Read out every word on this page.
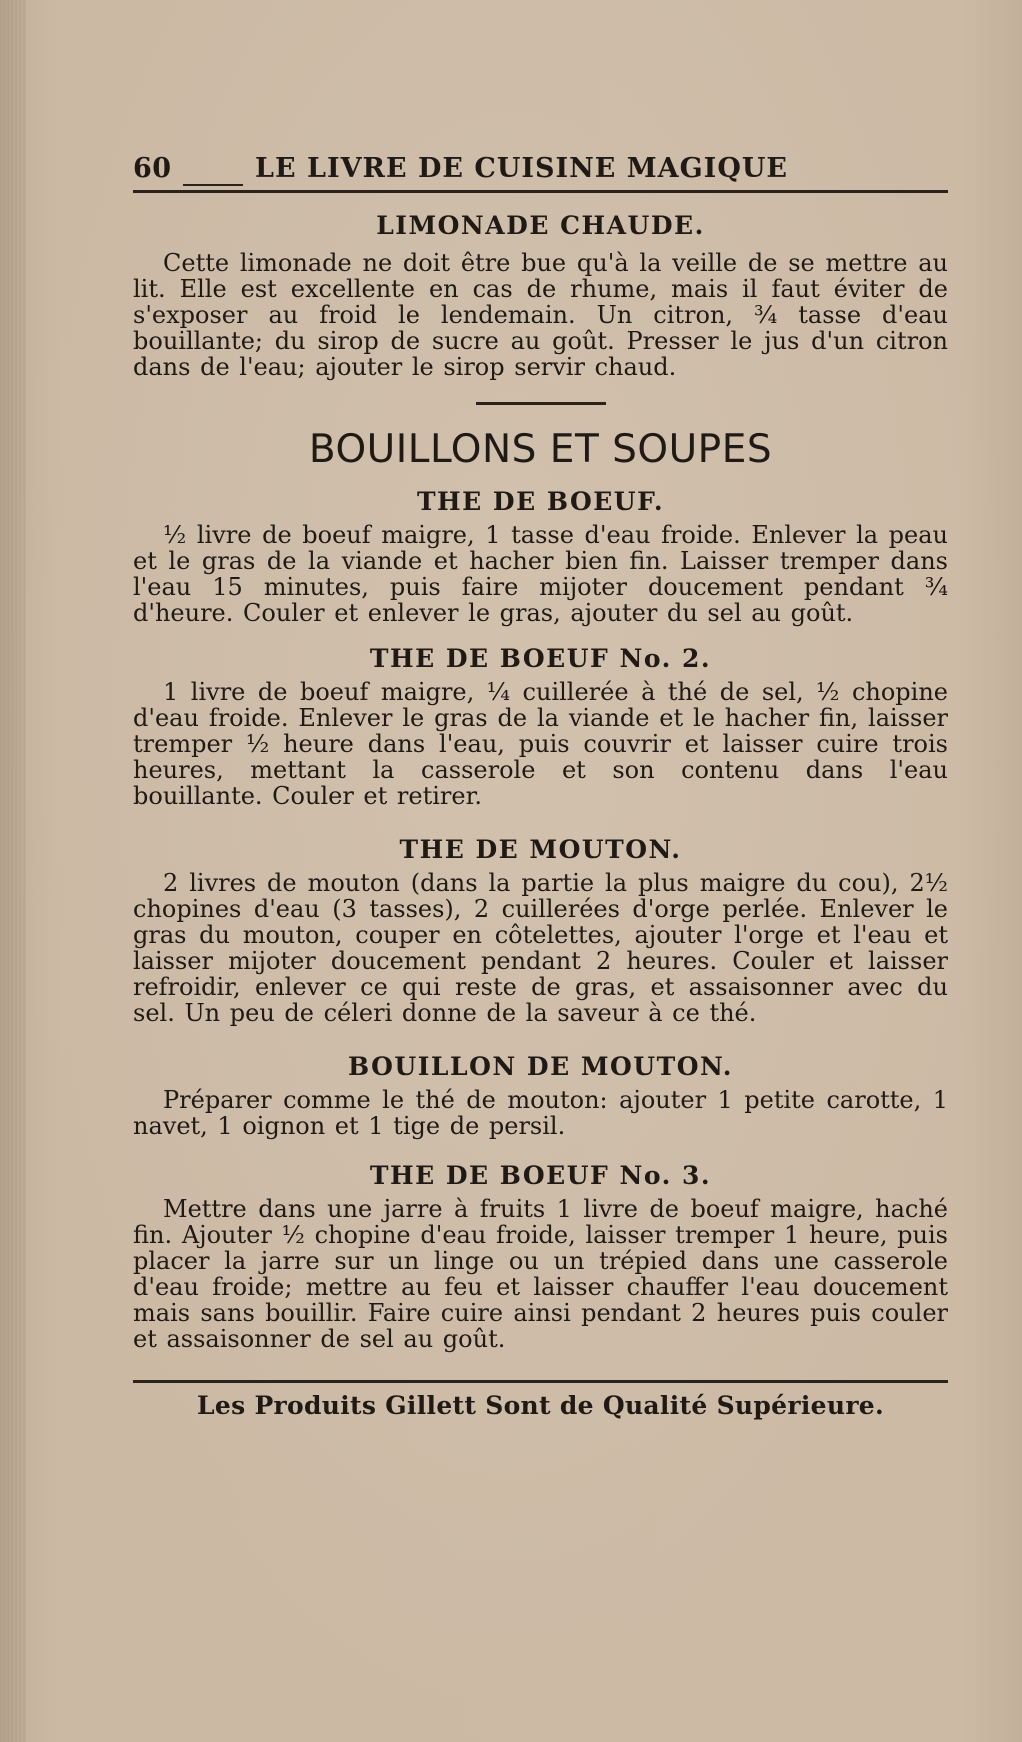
60	LE LIVRE DE CUISINE MAGIQUE
LIMONADE CHAUDE.

Cette limonade ne doit être bue qu'à la veille de se mettre au lit. Elle est excellente en cas de rhume, mais il faut éviter de s'exposer au froid le lendemain. Un citron, ¾ tasse d'eau bouillante; du sirop de sucre au goût. Presser le jus d'un citron dans de l'eau; ajouter le sirop servir chaud.

BOUILLONS ET SOUPES
THE DE BOEUF.

½ livre de boeuf maigre, 1 tasse d'eau froide. Enlever la peau et le gras de la viande et hacher bien fin. Laisser tremper dans l'eau 15 minutes, puis faire mijoter doucement pendant ¾ d'heure. Couler et enlever le gras, ajouter du sel au goût.

THE DE BOEUF No. 2.

1 livre de boeuf maigre, ¼ cuillerée à thé de sel, ½ chopine d'eau froide. Enlever le gras de la viande et le hacher fin, laisser tremper ½ heure dans l'eau, puis couvrir et laisser cuire trois heures, mettant la casserole et son contenu dans l'eau bouillante. Couler et retirer.

THE DE MOUTON.

2 livres de mouton (dans la partie la plus maigre du cou), 2½ chopines d'eau (3 tasses), 2 cuillerées d'orge perlée. Enlever le gras du mouton, couper en côtelettes, ajouter l'orge et l'eau et laisser mijoter doucement pendant 2 heures. Couler et laisser refroidir, enlever ce qui reste de gras, et assaisonner avec du sel. Un peu de céleri donne de la saveur à ce thé.

BOUILLON DE MOUTON.

Préparer comme le thé de mouton: ajouter 1 petite carotte, 1 navet, 1 oignon et 1 tige de persil.

THE DE BOEUF No. 3.

Mettre dans une jarre à fruits 1 livre de boeuf maigre, haché fin. Ajouter ½ chopine d'eau froide, laisser tremper 1 heure, puis placer la jarre sur un linge ou un trépied dans une casserole d'eau froide; mettre au feu et laisser chauffer l'eau doucement mais sans bouillir. Faire cuire ainsi pendant 2 heures puis couler et assaisonner de sel au goût.

Les Produits Gillett Sont de Qualité Supérieure.
